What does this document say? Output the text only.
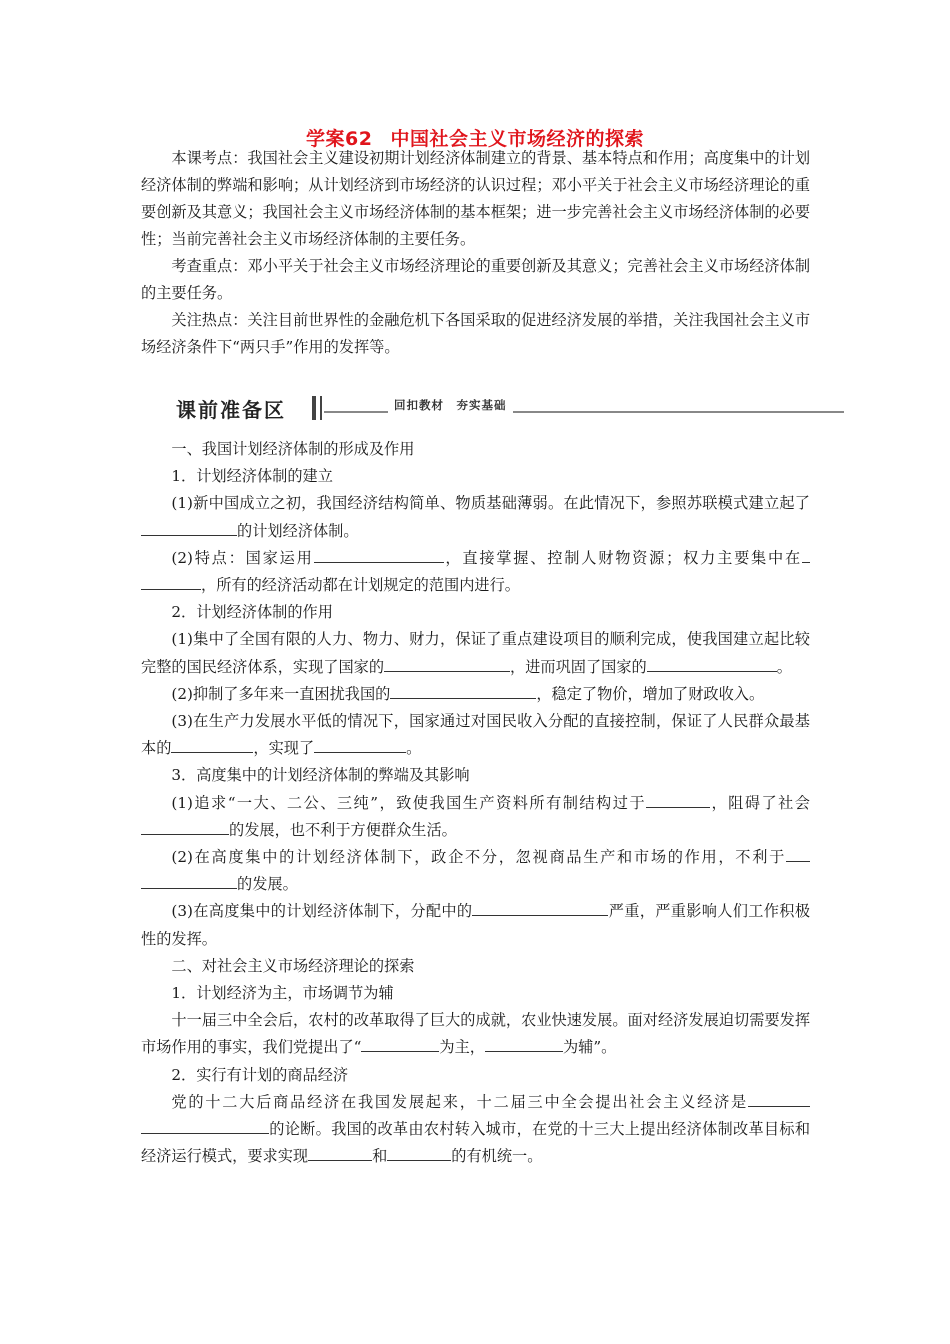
学案62 中国社会主义市场经济的探索

本课考点：我国社会主义建设初期计划经济体制建立的背景、基本特点和作用；高度集中的计划经济体制的弊端和影响；从计划经济到市场经济的认识过程；邓小平关于社会主义市场经济理论的重要创新及其意义；我国社会主义市场经济体制的基本框架；进一步完善社会主义市场经济体制的必要性；当前完善社会主义市场经济体制的主要任务。

考查重点：邓小平关于社会主义市场经济理论的重要创新及其意义；完善社会主义市场经济体制的主要任务。

关注热点：关注目前世界性的金融危机下各国采取的促进经济发展的举措，关注我国社会主义市场经济条件下“两只手”作用的发挥等。

课前准备区	回扣教材　夯实基础

一、我国计划经济体制的形成及作用

1．计划经济体制的建立

(1)新中国成立之初，我国经济结构简单、物质基础薄弱。在此情况下，参照苏联模式建立起了的计划经济体制。

(2)特点：国家运用	，直接掌握、控制人财物资源；权力主要集中在，所有的经济活动都在计划规定的范围内进行。

2．计划经济体制的作用

(1)集中了全国有限的人力、物力、财力，保证了重点建设项目的顺利完成，使我国建立起比较完整的国民经济体系，实现了国家的	，进而巩固了国家的	。

(2)抑制了多年来一直困扰我国的	，稳定了物价，增加了财政收入。

(3)在生产力发展水平低的情况下，国家通过对国民收入分配的直接控制，保证了人民群众最基本的	，实现了	。

3．高度集中的计划经济体制的弊端及其影响

(1)追求“一大、二公、三纯”，致使我国生产资料所有制结构过于	，阻碍了社会的发展，也不利于方便群众生活。

(2)在高度集中的计划经济体制下，政企不分，忽视商品生产和市场的作用，不利于的发展。

(3)在高度集中的计划经济体制下，分配中的	严重，严重影响人们工作积极性的发挥。

二、对社会主义市场经济理论的探索

1．计划经济为主，市场调节为辅

十一届三中全会后，农村的改革取得了巨大的成就，农业快速发展。面对经济发展迫切需要发挥市场作用的事实，我们党提出了“	为主，	为辅”。

2．实行有计划的商品经济

党的十二大后商品经济在我国发展起来，十二届三中全会提出社会主义经济是的论断。我国的改革由农村转入城市，在党的十三大上提出经济体制改革目标和经济运行模式，要求实现	和	的有机统一。
